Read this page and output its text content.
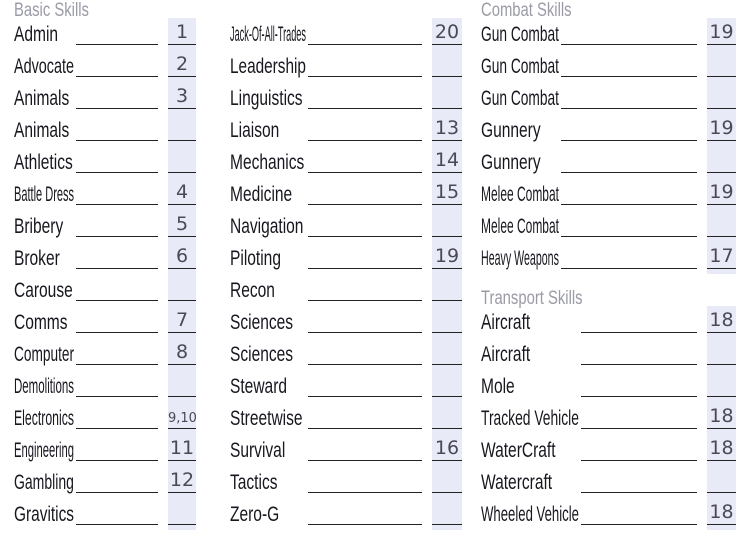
Basic Skills
Admin	1
Advocate	2
Animals	3
Animals
Athletics
Battle Dress	4
Bribery	5
Broker	6
Carouse
Comms	7
Computer	8
Demolitions
Electronics	9,10
Engineering	11
Gambling	12
Gravitics
Jack-Of-All-Trades	20
Leadership
Linguistics
Liaison	13
Mechanics	14
Medicine	15
Navigation
Piloting	19
Recon
Sciences
Sciences
Steward
Streetwise
Survival	16
Tactics
Zero-G
Combat Skills
Gun Combat	19
Gun Combat
Gun Combat
Gunnery	19
Gunnery
Melee Combat	19
Melee Combat
Heavy Weapons	17
Transport Skills
Aircraft	18
Aircraft
Mole
Tracked Vehicle	18
WaterCraft	18
Watercraft
Wheeled Vehicle	18
